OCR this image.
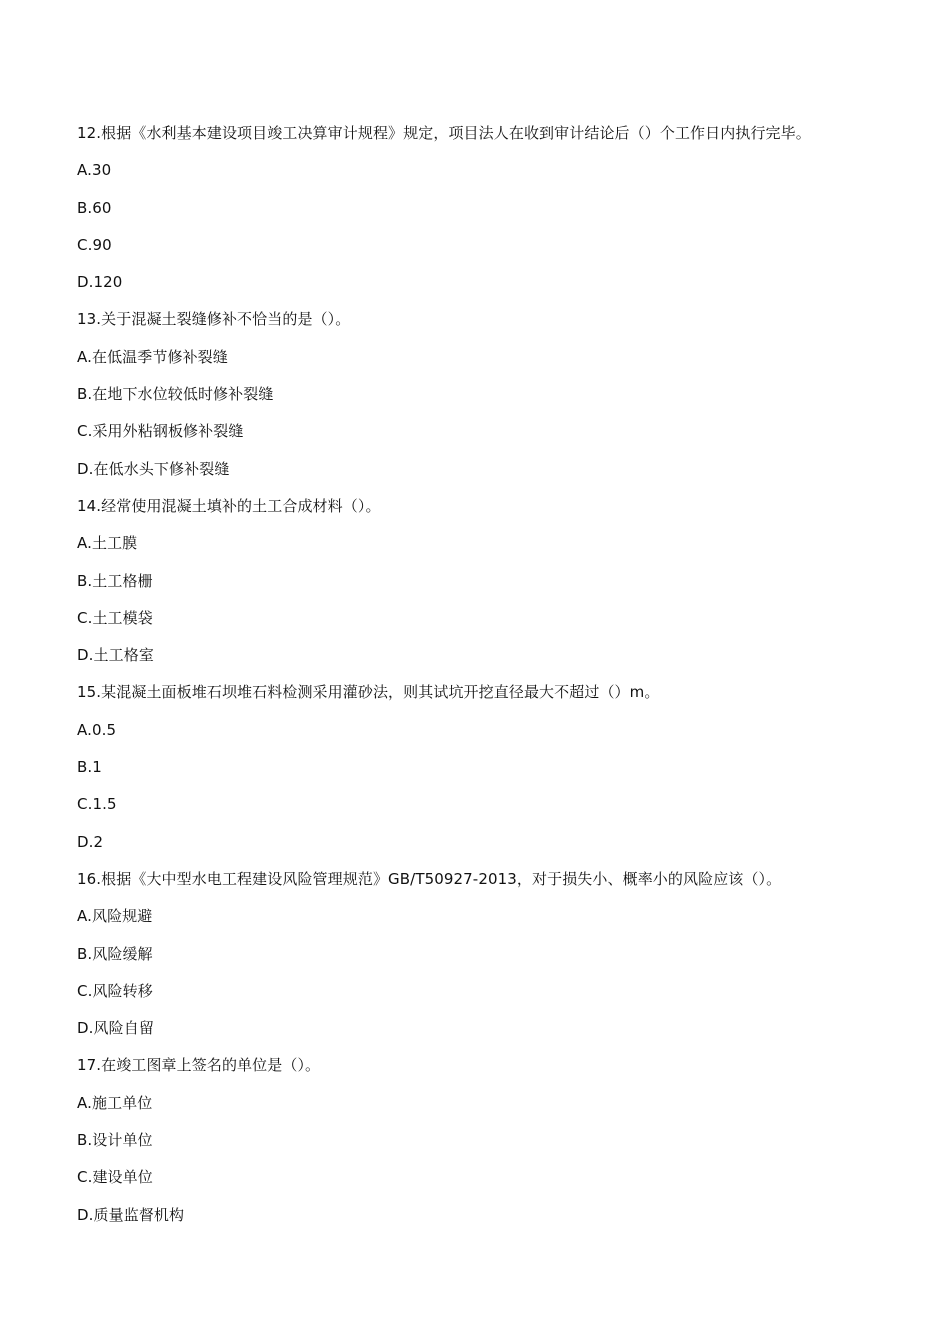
12.根据《水利基本建设项目竣工决算审计规程》规定，项目法人在收到审计结论后（）个工作日内执行完毕。
A.30
B.60
C.90
D.120
13.关于混凝土裂缝修补不恰当的是（）。
A.在低温季节修补裂缝
B.在地下水位较低时修补裂缝
C.采用外粘钢板修补裂缝
D.在低水头下修补裂缝
14.经常使用混凝土填补的土工合成材料（）。
A.土工膜
B.土工格栅
C.土工模袋
D.土工格室
15.某混凝土面板堆石坝堆石料检测采用灌砂法，则其试坑开挖直径最大不超过（）m。
A.0.5
B.1
C.1.5
D.2
16.根据《大中型水电工程建设风险管理规范》GB/T50927-2013，对于损失小、概率小的风险应该（）。
A.风险规避
B.风险缓解
C.风险转移
D.风险自留
17.在竣工图章上签名的单位是（）。
A.施工单位
B.设计单位
C.建设单位
D.质量监督机构
